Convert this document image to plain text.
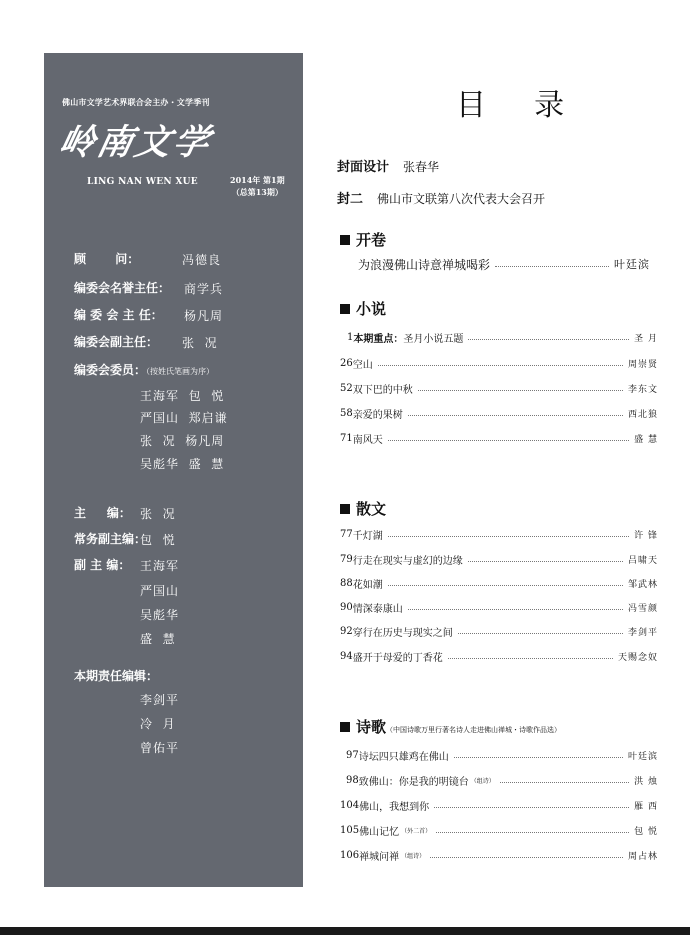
佛山市文学艺术界联合会主办・文学季刊
岭南文学
LING NAN WEN XUE	2014年 第1期
（总第13期）
顾       问：	冯德良
编委会名誉主任： 商学兵
编 委 会 主 任： 杨凡周
编委会副主任： 张  况
编委会委员：（按姓氏笔画为序）
王海军  包  悦
严国山  郑启谦
张  况  杨凡周
吴彪华  盛  慧
主     编： 张  况
常务副主编：
包  悦
副 主 编： 王海军
严国山
吴彪华
盛  慧
本期责任编辑：
李剑平
冷  月
曾佑平
目    录
封面设计 张春华
封二 佛山市文联第八次代表大会召开
开卷
为浪漫佛山诗意禅城喝彩	叶廷滨
小说
1 本期重点：圣月小说五题	圣 月
26 空山	周崇贤
52 双下巴的中秋	李东文
58 亲爱的果树	西北狼
71 南风天	盛 慧
散文
77 千灯湖	许 锋
79 行走在现实与虚幻的边缘	吕啸天
88 花如潮	邹武林
90 情深泰康山	冯雪颜
92 穿行在历史与现实之间	李剑平
94 盛开于母爱的丁香花	天赐念奴
诗歌（中国诗歌万里行著名诗人走进佛山禅城・诗歌作品选）
97 诗坛四只雄鸡在佛山	叶廷滨
98 致佛山：你是我的明镜台 （组诗）	洪 烛
104 佛山，我想到你	雁 西
105 佛山记忆 （外二首）	包 悦
106 禅城问禅 （组诗）	周占林
